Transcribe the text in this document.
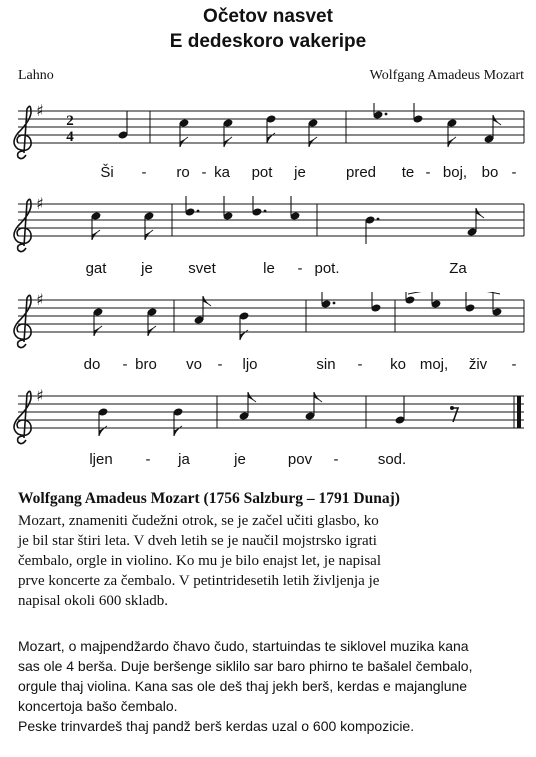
Očetov nasvet
E dedeskoro vakeripe
Lahno	Wolfgang Amadeus Mozart
♯
2
4
Ši - ro - ka pot je	pred te - boj, bo -
♯
gat je svet	le - pot.	Za
♯
do - bro vo - ljo	sin - ko moj, živ -
♯
ljen - ja	je	pov -	sod.
Wolfgang Amadeus Mozart (1756 Salzburg – 1791 Dunaj)
Mozart, znameniti čudežni otrok, se je začel učiti glasbo, ko
je bil star štiri leta. V dveh letih se je naučil mojstrsko igrati
čembalo, orgle in violino. Ko mu je bilo enajst let, je napisal
prve koncerte za čembalo. V petintridesetih letih življenja je
napisal okoli 600 skladb.
Mozart, o majpendžardo čhavo čudo, startuindas te siklovel muzika kana
sas ole 4 berša. Duje beršenge siklilo sar baro phirno te bašalel čembalo,
orgule thaj violina. Kana sas ole deš thaj jekh berš, kerdas e majanglune
koncertoja bašo čembalo.
Peske trinvardeš thaj pandž berš kerdas uzal o 600 kompozicie.
